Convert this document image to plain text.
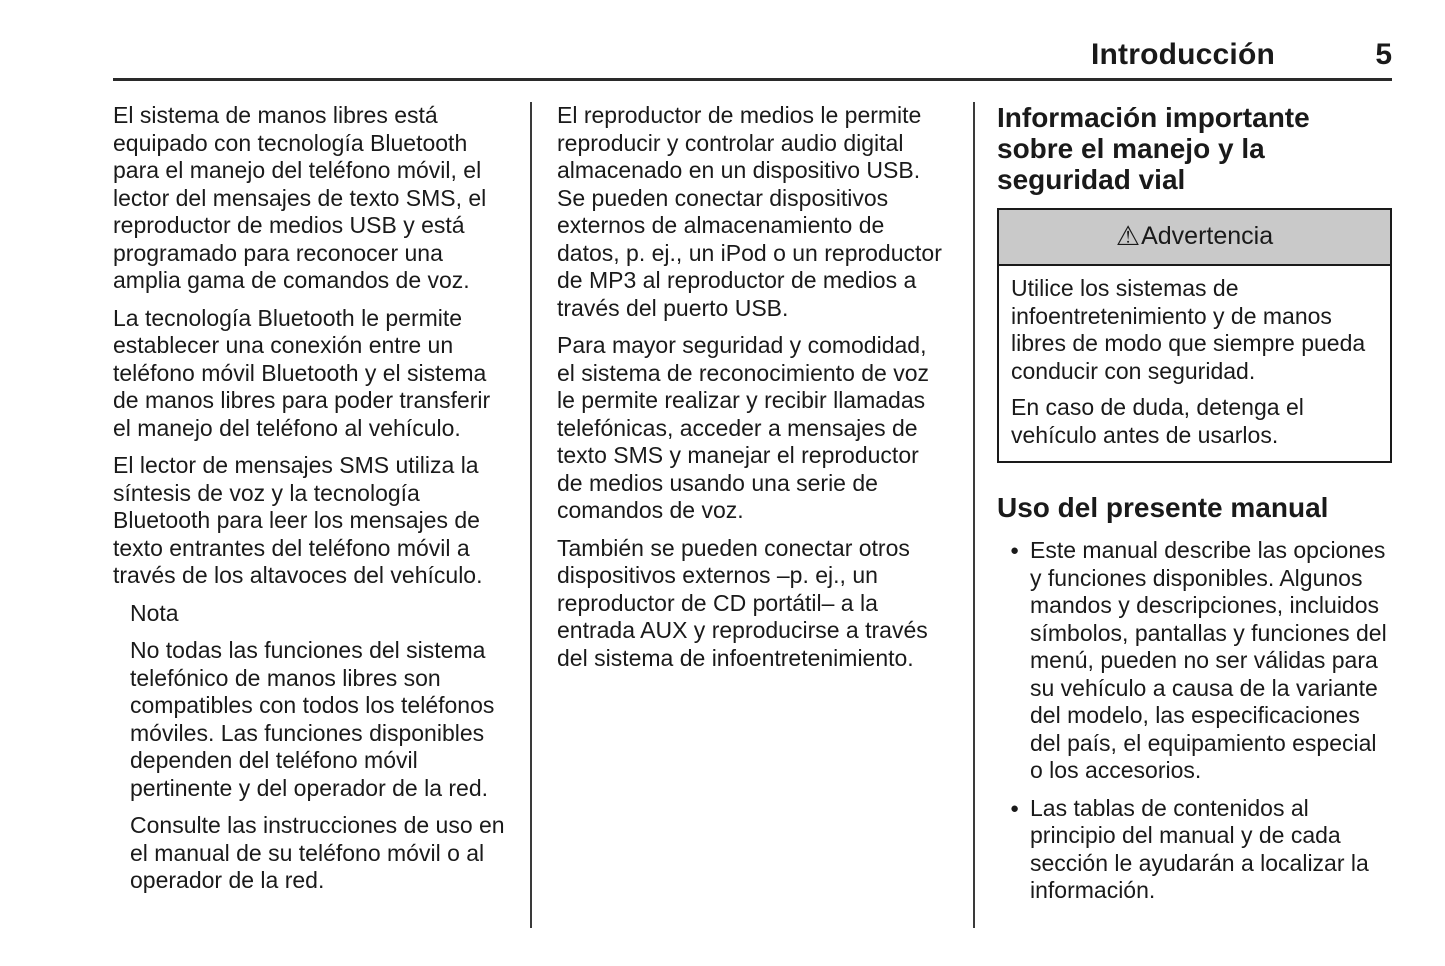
Introducción	5

El sistema de manos libres está equipado con tecnología Bluetooth para el manejo del teléfono móvil, el lector del mensajes de texto SMS, el reproductor de medios USB y está programado para reconocer una amplia gama de comandos de voz.

La tecnología Bluetooth le permite establecer una conexión entre un teléfono móvil Bluetooth y el sistema de manos libres para poder transferir el manejo del teléfono al vehículo.

El lector de mensajes SMS utiliza la síntesis de voz y la tecnología Bluetooth para leer los mensajes de texto entrantes del teléfono móvil a través de los altavoces del vehículo.

Nota

No todas las funciones del sistema telefónico de manos libres son compatibles con todos los teléfonos móviles. Las funciones disponibles dependen del teléfono móvil pertinente y del operador de la red.

Consulte las instrucciones de uso en el manual de su teléfono móvil o al operador de la red.

El reproductor de medios le permite reproducir y controlar audio digital almacenado en un dispositivo USB. Se pueden conectar dispositivos externos de almacenamiento de datos, p. ej., un iPod o un reproductor de MP3 al reproductor de medios a través del puerto USB.

Para mayor seguridad y comodidad, el sistema de reconocimiento de voz le permite realizar y recibir llamadas telefónicas, acceder a mensajes de texto SMS y manejar el reproductor de medios usando una serie de comandos de voz.

También se pueden conectar otros dispositivos externos –p. ej., un reproductor de CD portátil– a la entrada AUX y reproducirse a través del sistema de infoentretenimiento.

Información importante sobre el manejo y la seguridad vial
⚠ Advertencia

Utilice los sistemas de infoentretenimiento y de manos libres de modo que siempre pueda conducir con seguridad.

En caso de duda, detenga el vehículo antes de usarlos.

Uso del presente manual
● Este manual describe las opciones y funciones disponibles. Algunos mandos y descripciones, incluidos símbolos, pantallas y funciones del menú, pueden no ser válidas para su vehículo a causa de la variante del modelo, las especificaciones del país, el equipamiento especial o los accesorios.
● Las tablas de contenidos al principio del manual y de cada sección le ayudarán a localizar la información.
